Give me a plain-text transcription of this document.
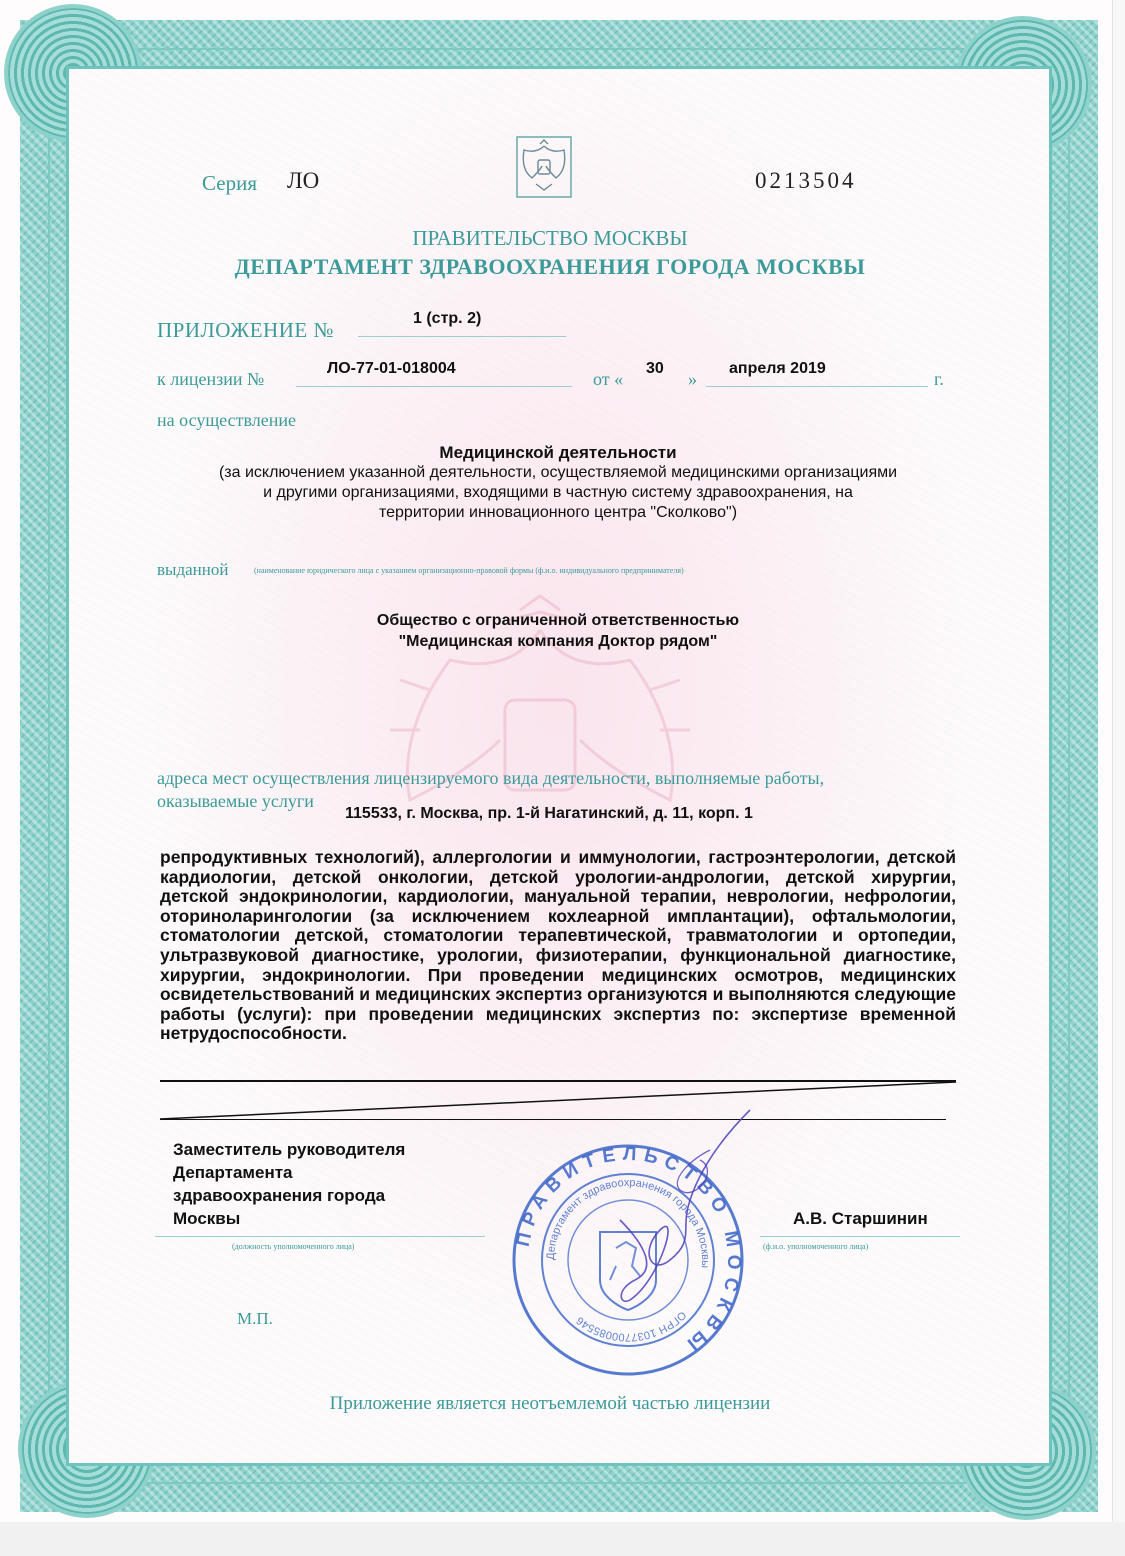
Серия ЛО	0213504
ПРАВИТЕЛЬСТВО МОСКВЫ
ДЕПАРТАМЕНТ ЗДРАВООХРАНЕНИЯ ГОРОДА МОСКВЫ
ПРИЛОЖЕНИЕ №	1 (стр. 2)
к лицензии №
ЛО-77-01-018004
от «
30
»
апреля 2019
г.
на осуществление
Медицинской деятельности
(за исключением указанной деятельности, осуществляемой медицинскими организациями
и другими организациями, входящими в частную систему здравоохранения, на
территории инновационного центра "Сколково")
выданной	(наименование юридического лица с указанием организационно-правовой формы (ф.и.о. индивидуального предпринимателя)
Общество с ограниченной ответственностью
"Медицинская компания Доктор рядом"
адреса мест осуществления лицензируемого вида деятельности, выполняемые работы,
оказываемые услуги
115533, г. Москва, пр. 1-й Нагатинский, д. 11, корп. 1
репродуктивных технологий), аллергологии и иммунологии, гастроэнтерологии, детской кардиологии, детской онкологии, детской урологии-андрологии, детской хирургии, детской эндокринологии, кардиологии, мануальной терапии, неврологии, нефрологии, оториноларингологии (за исключением кохлеарной имплантации), офтальмологии, стоматологии детской, стоматологии терапевтической, травматологии и ортопедии, ультразвуковой диагностике, урологии, физиотерапии, функциональной диагностике, хирургии, эндокринологии. При проведении медицинских осмотров, медицинских освидетельствований и медицинских экспертиз организуются и выполняются следующие работы (услуги): при проведении медицинских экспертиз по: экспертизе временной нетрудоспособности.
Заместитель руководителя
Департамента
здравоохранения города
Москвы
(должность уполномоченного лица)
А.В. Старшинин
(ф.и.о. уполномоченного лица)
М.П.
ПРАВИТЕЛЬСТВО МОСКВЫ
Департамент здравоохранения города Москвы
ОГРН 1037700085546
Приложение является неотъемлемой частью лицензии
